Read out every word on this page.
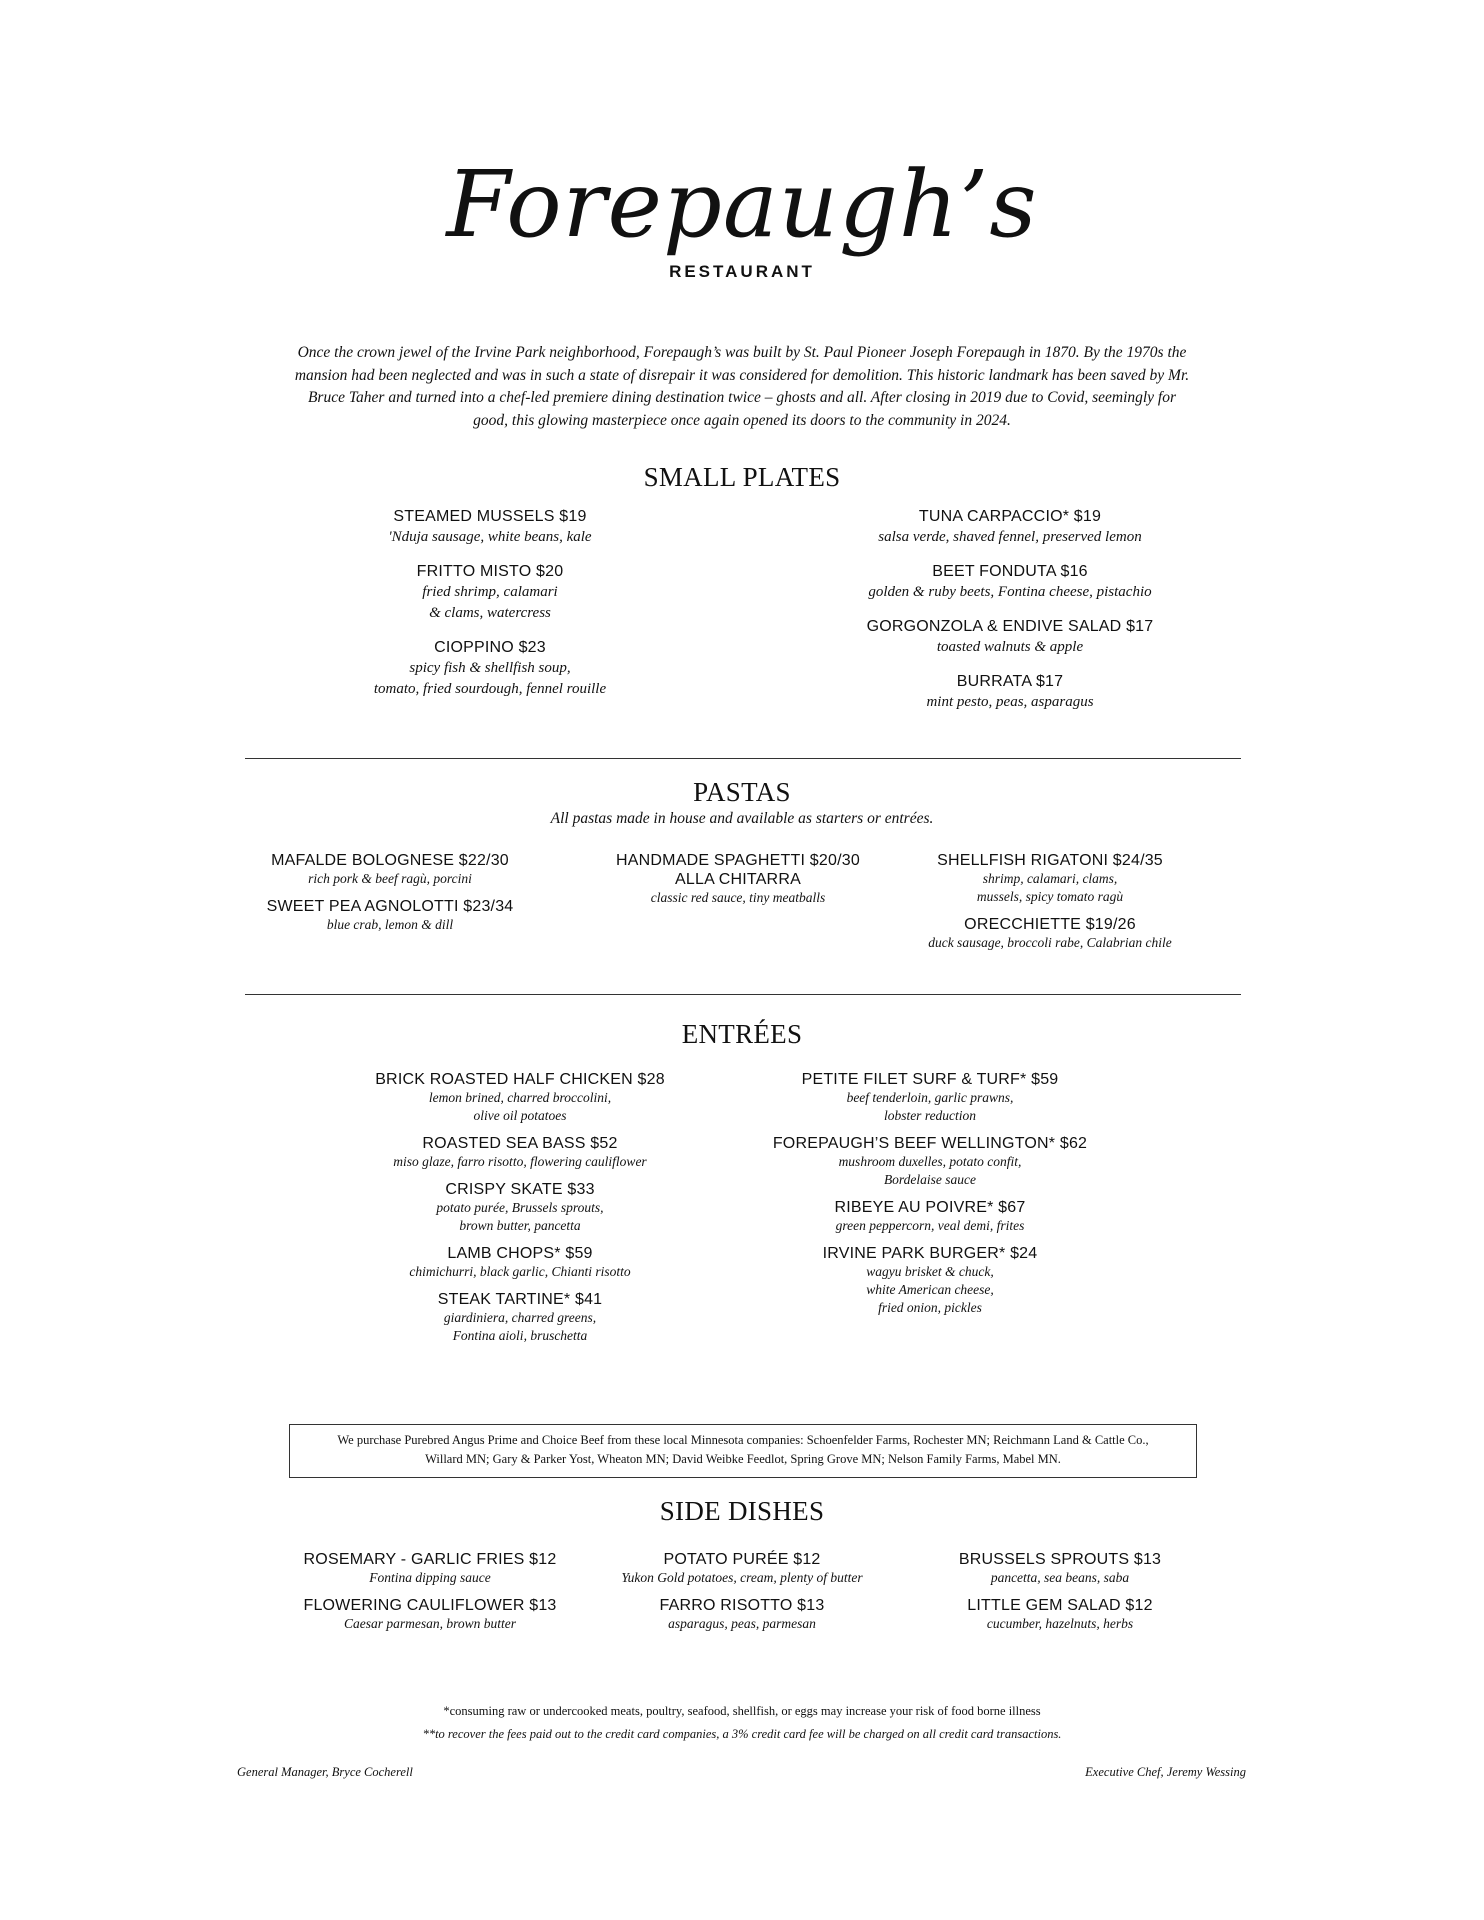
Forepaugh’s
RESTAURANT
Once the crown jewel of the Irvine Park neighborhood, Forepaugh’s was built by St. Paul Pioneer Joseph Forepaugh in 1870. By the 1970s the mansion had been neglected and was in such a state of disrepair it was considered for demolition. This historic landmark has been saved by Mr. Bruce Taher and turned into a chef-led premiere dining destination twice – ghosts and all. After closing in 2019 due to Covid, seemingly for good, this glowing masterpiece once again opened its doors to the community in 2024.
SMALL PLATES
STEAMED MUSSELS $19
'Nduja sausage, white beans, kale
FRITTO MISTO $20
fried shrimp, calamari
& clams, watercress
CIOPPINO $23
spicy fish & shellfish soup,
tomato, fried sourdough, fennel rouille
TUNA CARPACCIO* $19
salsa verde, shaved fennel, preserved lemon
BEET FONDUTA $16
golden & ruby beets, Fontina cheese, pistachio
GORGONZOLA & ENDIVE SALAD $17
toasted walnuts & apple
BURRATA $17
mint pesto, peas, asparagus
PASTAS
All pastas made in house and available as starters or entrées.
MAFALDE BOLOGNESE $22/30
rich pork & beef ragù, porcini
SWEET PEA AGNOLOTTI $23/34
blue crab, lemon & dill
HANDMADE SPAGHETTI $20/30
ALLA CHITARRA
classic red sauce, tiny meatballs
SHELLFISH RIGATONI $24/35
shrimp, calamari, clams,
mussels, spicy tomato ragù
ORECCHIETTE $19/26
duck sausage, broccoli rabe, Calabrian chile
ENTRÉES
BRICK ROASTED HALF CHICKEN $28
lemon brined, charred broccolini,
olive oil potatoes
ROASTED SEA BASS $52
miso glaze, farro risotto, flowering cauliflower
CRISPY SKATE $33
potato purée, Brussels sprouts,
brown butter, pancetta
LAMB CHOPS* $59
chimichurri, black garlic, Chianti risotto
STEAK TARTINE* $41
giardiniera, charred greens,
Fontina aioli, bruschetta
PETITE FILET SURF & TURF* $59
beef tenderloin, garlic prawns,
lobster reduction
FOREPAUGH’S BEEF WELLINGTON* $62
mushroom duxelles, potato confit,
Bordelaise sauce
RIBEYE AU POIVRE* $67
green peppercorn, veal demi, frites
IRVINE PARK BURGER* $24
wagyu brisket & chuck,
white American cheese,
fried onion, pickles
We purchase Purebred Angus Prime and Choice Beef from these local Minnesota companies: Schoenfelder Farms, Rochester MN; Reichmann Land & Cattle Co., Willard MN; Gary & Parker Yost, Wheaton MN; David Weibke Feedlot, Spring Grove MN; Nelson Family Farms, Mabel MN.
SIDE DISHES
ROSEMARY - GARLIC FRIES $12
Fontina dipping sauce
FLOWERING CAULIFLOWER $13
Caesar parmesan, brown butter
POTATO PURÉE $12
Yukon Gold potatoes, cream, plenty of butter
FARRO RISOTTO $13
asparagus, peas, parmesan
BRUSSELS SPROUTS $13
pancetta, sea beans, saba
LITTLE GEM SALAD $12
cucumber, hazelnuts, herbs
*consuming raw or undercooked meats, poultry, seafood, shellfish, or eggs may increase your risk of food borne illness
**to recover the fees paid out to the credit card companies, a 3% credit card fee will be charged on all credit card transactions.
General Manager, Bryce Cocherell	Executive Chef, Jeremy Wessing
